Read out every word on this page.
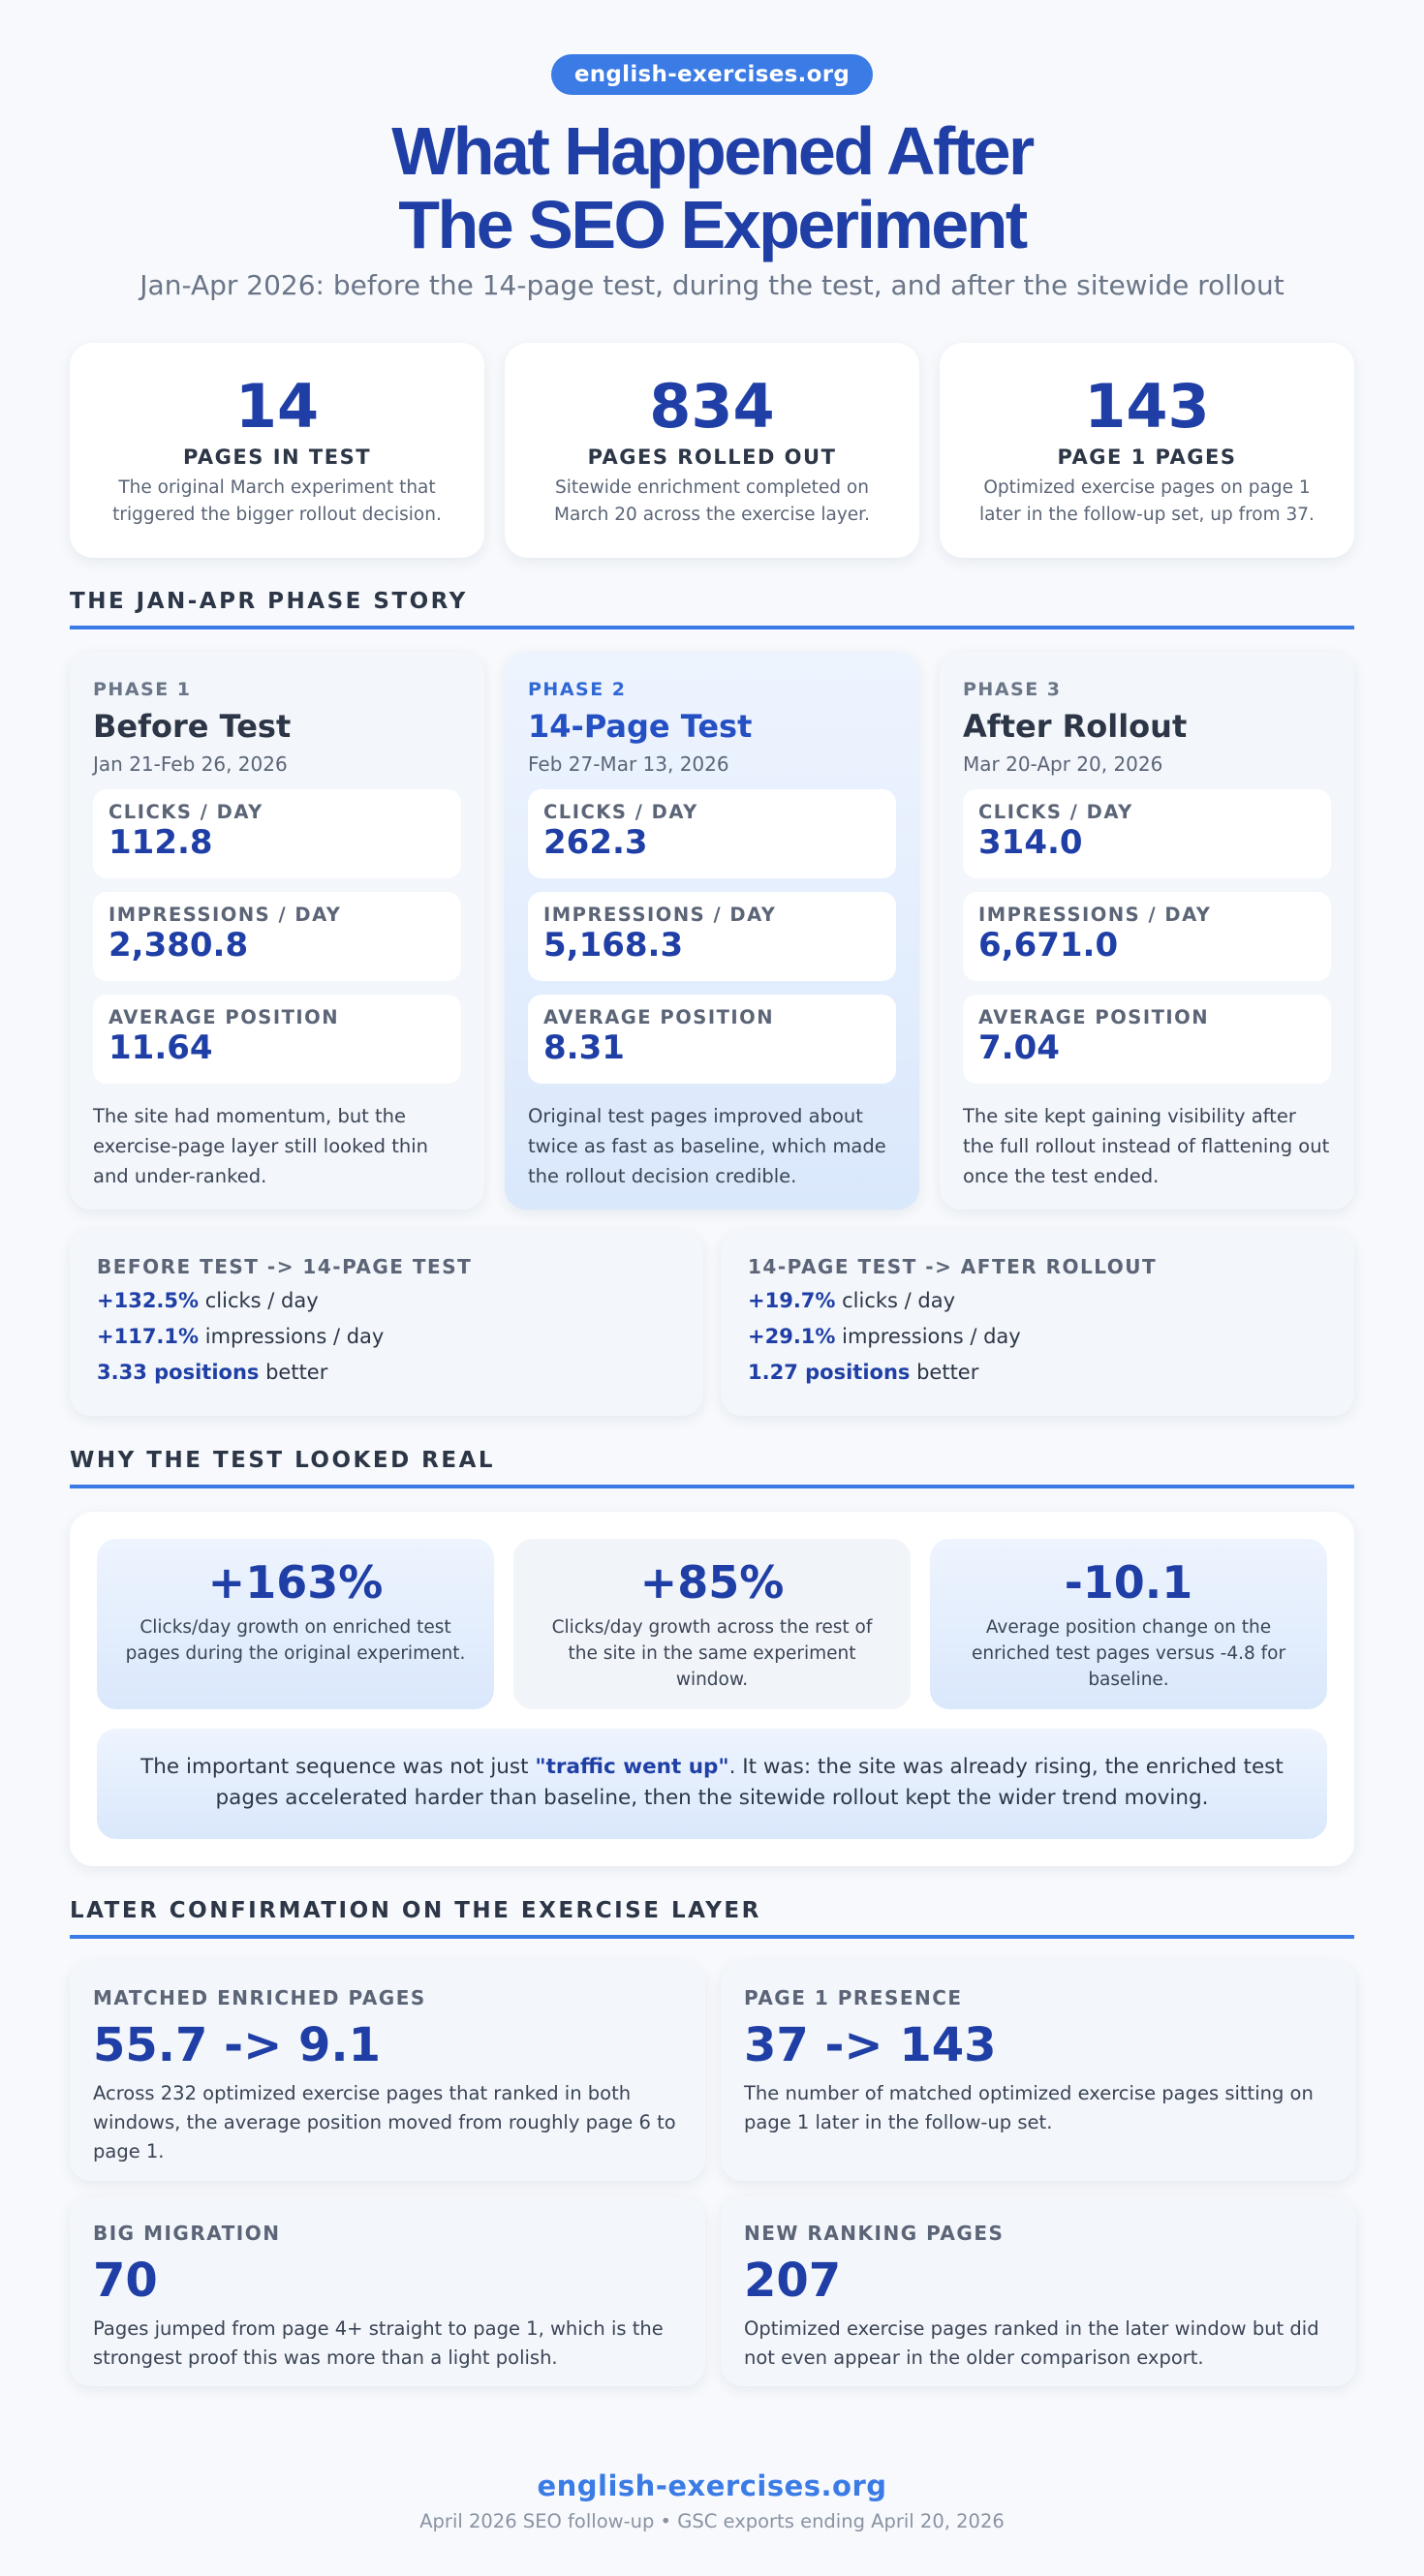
english-exercises.org
What Happened After
The SEO Experiment
Jan-Apr 2026: before the 14-page test, during the test, and after the sitewide rollout
14
PAGES IN TEST
The original March experiment that triggered the bigger rollout decision.
834
PAGES ROLLED OUT
Sitewide enrichment completed on March 20 across the exercise layer.
143
PAGE 1 PAGES
Optimized exercise pages on page 1 later in the follow-up set, up from 37.
THE JAN-APR PHASE STORY
PHASE 1
Before Test
Jan 21-Feb 26, 2026
CLICKS / DAY
112.8
IMPRESSIONS / DAY
2,380.8
AVERAGE POSITION
11.64
The site had momentum, but the exercise-page layer still looked thin and under-ranked.
PHASE 2
14-Page Test
Feb 27-Mar 13, 2026
CLICKS / DAY
262.3
IMPRESSIONS / DAY
5,168.3
AVERAGE POSITION
8.31
Original test pages improved about twice as fast as baseline, which made the rollout decision credible.
PHASE 3
After Rollout
Mar 20-Apr 20, 2026
CLICKS / DAY
314.0
IMPRESSIONS / DAY
6,671.0
AVERAGE POSITION
7.04
The site kept gaining visibility after the full rollout instead of flattening out once the test ended.
BEFORE TEST -> 14-PAGE TEST
+132.5% clicks / day
+117.1% impressions / day
3.33 positions better
14-PAGE TEST -> AFTER ROLLOUT
+19.7% clicks / day
+29.1% impressions / day
1.27 positions better
WHY THE TEST LOOKED REAL
+163%
Clicks/day growth on enriched test pages during the original experiment.
+85%
Clicks/day growth across the rest of the site in the same experiment window.
-10.1
Average position change on the enriched test pages versus -4.8 for baseline.
The important sequence was not just "traffic went up". It was: the site was already rising, the enriched test pages accelerated harder than baseline, then the sitewide rollout kept the wider trend moving.
LATER CONFIRMATION ON THE EXERCISE LAYER
MATCHED ENRICHED PAGES
55.7 -> 9.1
Across 232 optimized exercise pages that ranked in both windows, the average position moved from roughly page 6 to page 1.
PAGE 1 PRESENCE
37 -> 143
The number of matched optimized exercise pages sitting on page 1 later in the follow-up set.
BIG MIGRATION
70
Pages jumped from page 4+ straight to page 1, which is the strongest proof this was more than a light polish.
NEW RANKING PAGES
207
Optimized exercise pages ranked in the later window but did not even appear in the older comparison export.
english-exercises.org
April 2026 SEO follow-up • GSC exports ending April 20, 2026
